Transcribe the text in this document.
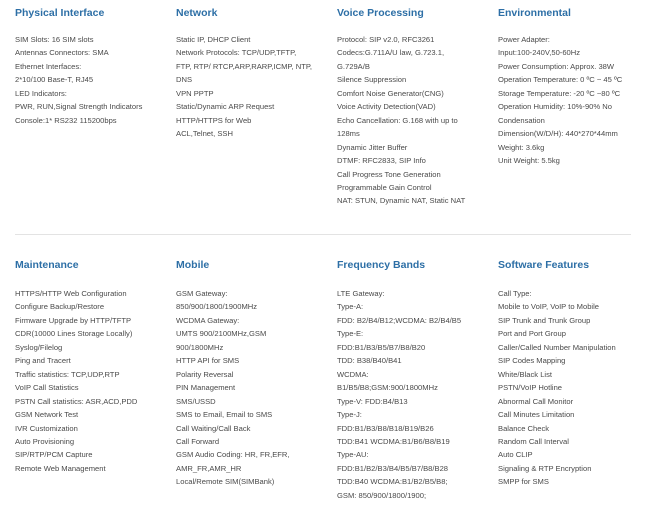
Physical Interface
SIM Slots: 16 SIM slots
Antennas Connectors: SMA
Ethernet Interfaces:
2*10/100 Base-T, RJ45
LED Indicators:
PWR, RUN,Signal Strength Indicators
Console:1* RS232 115200bps
Network
Static IP, DHCP Client
Network Protocols: TCP/UDP,TFTP,
FTP, RTP/ RTCP,ARP,RARP,ICMP, NTP,
DNS
VPN PPTP
Static/Dynamic ARP Request
HTTP/HTTPS for Web
ACL,Telnet, SSH
Voice Processing
Protocol: SIP v2.0, RFC3261
Codecs:G.711A/U law, G.723.1,
G.729A/B
Silence Suppression
Comfort Noise Generator(CNG)
Voice Activity Detection(VAD)
Echo Cancellation: G.168 with up to
128ms
Dynamic Jitter Buffer
DTMF: RFC2833, SIP Info
Call Progress Tone Generation
Programmable Gain Control
NAT: STUN, Dynamic NAT, Static NAT
Environmental
Power Adapter:
Input:100-240V,50-60Hz
Power Consumption: Approx. 38W
Operation Temperature: 0 ºC ~ 45 ºC
Storage Temperature: -20 ºC ~80 ºC
Operation Humidity: 10%-90% No
Condensation
Dimension(W/D/H): 440*270*44mm
Weight: 3.6kg
Unit Weight: 5.5kg
Maintenance
HTTPS/HTTP Web Configuration
Configure Backup/Restore
Firmware Upgrade by HTTP/TFTP
CDR(10000 Lines Storage Locally)
Syslog/Filelog
Ping and Tracert
Traffic statistics: TCP,UDP,RTP
VoIP Call Statistics
PSTN Call statistics: ASR,ACD,PDD
GSM Network Test
IVR Customization
Auto Provisioning
SIP/RTP/PCM Capture
Remote Web Management
Mobile
GSM Gateway:
850/900/1800/1900MHz
WCDMA Gateway:
UMTS 900/2100MHz,GSM
900/1800MHz
HTTP API for SMS
Polarity Reversal
PIN Management
SMS/USSD
SMS to Email, Email to SMS
Call Waiting/Call Back
Call Forward
GSM Audio Coding: HR, FR,EFR,
AMR_FR,AMR_HR
Local/Remote SIM(SIMBank)
Frequency Bands
LTE Gateway:
Type-A:
FDD: B2/B4/B12;WCDMA: B2/B4/B5
Type-E:
FDD:B1/B3/B5/B7/B8/B20
TDD: B38/B40/B41
WCDMA:
B1/B5/B8;GSM:900/1800MHz
Type-V: FDD:B4/B13
Type-J:
FDD:B1/B3/B8/B18/B19/B26
TDD:B41 WCDMA:B1/B6/B8/B19
Type-AU:
FDD:B1/B2/B3/B4/B5/B7/B8/B28
TDD:B40 WCDMA:B1/B2/B5/B8;
GSM: 850/900/1800/1900;
Software Features
Call Type:
Mobile to VoIP, VoIP to Mobile
SIP Trunk and Trunk Group
Port and Port Group
Caller/Called Number Manipulation
SIP Codes Mapping
White/Black List
PSTN/VoIP Hotline
Abnormal Call Monitor
Call Minutes Limitation
Balance Check
Random Call Interval
Auto CLIP
Signaling & RTP Encryption
SMPP for SMS
